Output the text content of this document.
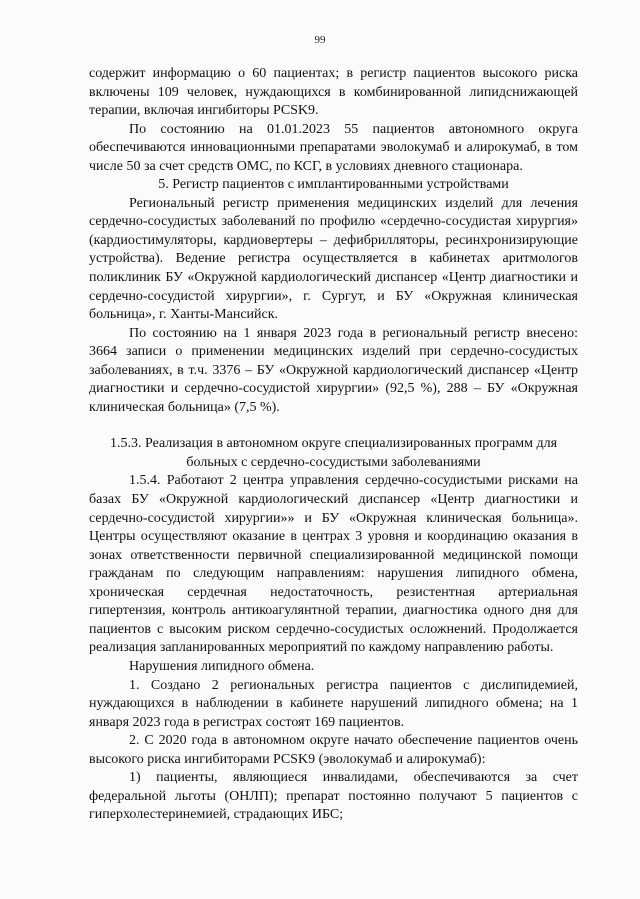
99

содержит информацию о 60 пациентах; в регистр пациентов высокого риска включены 109 человек, нуждающихся в комбинированной липидснижающей терапии, включая ингибиторы PCSK9.

По состоянию на 01.01.2023 55 пациентов автономного округа обеспечиваются инновационными препаратами эволокумаб и алирокумаб, в том числе 50 за счет средств ОМС, по КСГ, в условиях дневного стационара.

5. Регистр пациентов с имплантированными устройствами

Региональный регистр применения медицинских изделий для лечения сердечно-сосудистых заболеваний по профилю «сердечно-сосудистая хирургия» (кардиостимуляторы, кардиовертеры – дефибрилляторы, ресинхронизирующие устройства). Ведение регистра осуществляется в кабинетах аритмологов поликлиник БУ «Окружной кардиологический диспансер «Центр диагностики и сердечно-сосудистой хирургии», г. Сургут, и БУ «Окружная клиническая больница», г. Ханты-Мансийск.

По состоянию на 1 января 2023 года в региональный регистр внесено: 3664 записи о применении медицинских изделий при сердечно-сосудистых заболеваниях, в т.ч. 3376 – БУ «Окружной кардиологический диспансер «Центр диагностики и сердечно-сосудистой хирургии» (92,5 %), 288 – БУ «Окружная клиническая больница» (7,5 %).

1.5.3. Реализация в автономном округе специализированных программ для больных с сердечно-сосудистыми заболеваниями

1.5.4. Работают 2 центра управления сердечно-сосудистыми рисками на базах БУ «Окружной кардиологический диспансер «Центр диагностики и сердечно-сосудистой хирургии»» и БУ «Окружная клиническая больница». Центры осуществляют оказание в центрах 3 уровня и координацию оказания в зонах ответственности первичной специализированной медицинской помощи гражданам по следующим направлениям: нарушения липидного обмена, хроническая сердечная недостаточность, резистентная артериальная гипертензия, контроль антикоагулянтной терапии, диагностика одного дня для пациентов с высоким риском сердечно-сосудистых осложнений. Продолжается реализация запланированных мероприятий по каждому направлению работы.

Нарушения липидного обмена.

1. Создано 2 региональных регистра пациентов с дислипидемией, нуждающихся в наблюдении в кабинете нарушений липидного обмена; на 1 января 2023 года в регистрах состоят 169 пациентов.

2. С 2020 года в автономном округе начато обеспечение пациентов очень высокого риска ингибиторами PCSK9 (эволокумаб и алирокумаб):

1) пациенты, являющиеся инвалидами, обеспечиваются за счет федеральной льготы (ОНЛП); препарат постоянно получают 5 пациентов с гиперхолестеринемией, страдающих ИБС;
